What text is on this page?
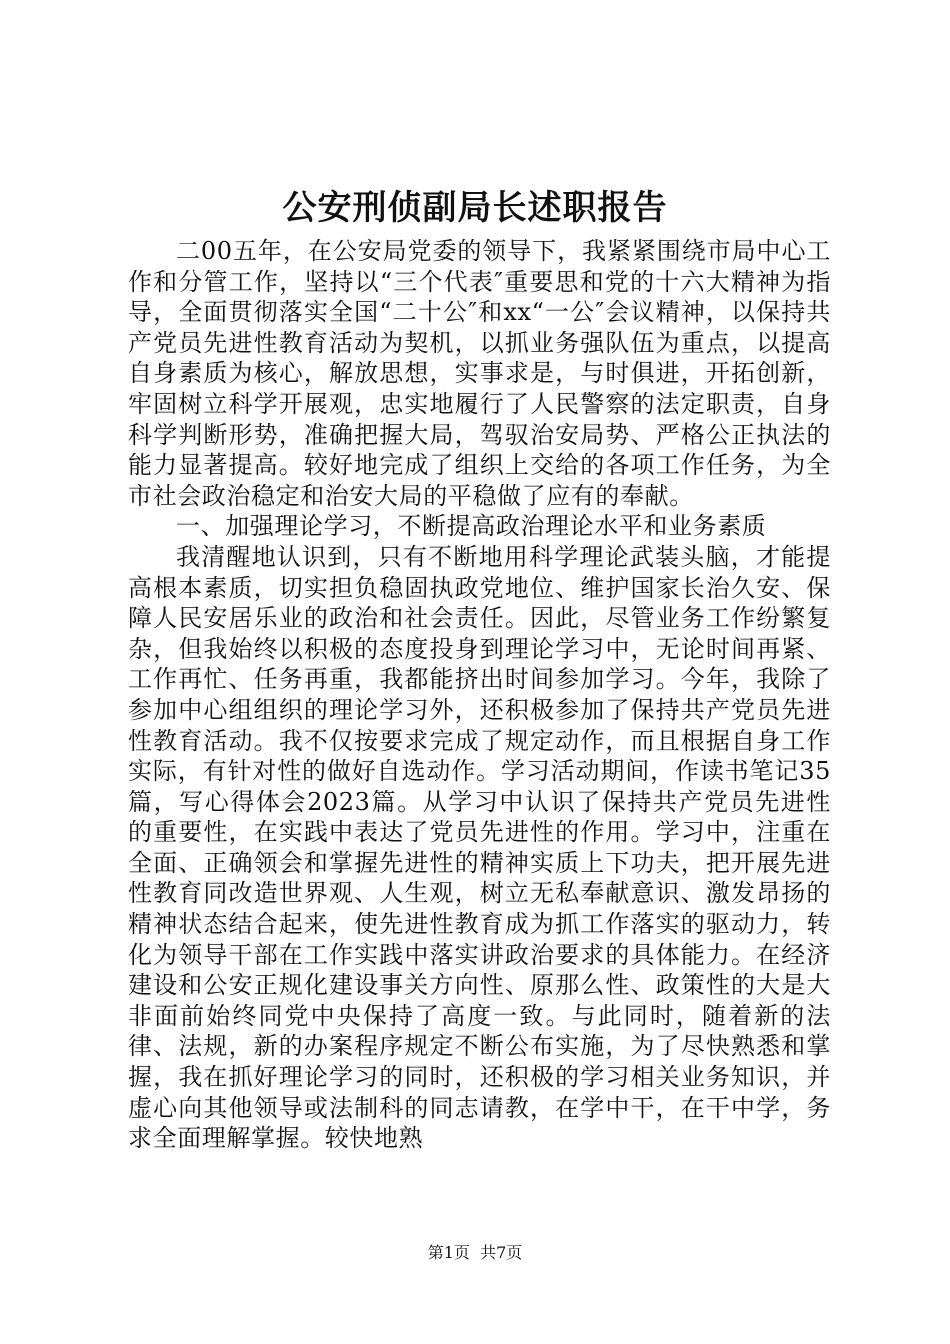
公安刑侦副局长述职报告

二00五年，在公安局党委的领导下，我紧紧围绕市局中心工作和分管工作，坚持以“三个代表″重要思和党的十六大精神为指导，全面贯彻落实全国“二十公″和xx“一公″会议精神，以保持共产党员先进性教育活动为契机，以抓业务强队伍为重点，以提高自身素质为核心，解放思想，实事求是，与时俱进，开拓创新，牢固树立科学开展观，忠实地履行了人民警察的法定职责，自身科学判断形势，准确把握大局，驾驭治安局势、严格公正执法的能力显著提高。较好地完成了组织上交给的各项工作任务，为全市社会政治稳定和治安大局的平稳做了应有的奉献。

一、加强理论学习，不断提高政治理论水平和业务素质

我清醒地认识到，只有不断地用科学理论武装头脑，才能提高根本素质，切实担负稳固执政党地位、维护国家长治久安、保障人民安居乐业的政治和社会责任。因此，尽管业务工作纷繁复杂，但我始终以积极的态度投身到理论学习中，无论时间再紧、工作再忙、任务再重，我都能挤出时间参加学习。今年，我除了参加中心组组织的理论学习外，还积极参加了保持共产党员先进性教育活动。我不仅按要求完成了规定动作，而且根据自身工作实际，有针对性的做好自选动作。学习活动期间，作读书笔记35篇，写心得体会2023篇。从学习中认识了保持共产党员先进性的重要性，在实践中表达了党员先进性的作用。学习中，注重在全面、正确领会和掌握先进性的精神实质上下功夫，把开展先进性教育同改造世界观、人生观，树立无私奉献意识、激发昂扬的精神状态结合起来，使先进性教育成为抓工作落实的驱动力，转化为领导干部在工作实践中落实讲政治要求的具体能力。在经济建设和公安正规化建设事关方向性、原那么性、政策性的大是大非面前始终同党中央保持了高度一致。与此同时，随着新的法律、法规，新的办案程序规定不断公布实施，为了尽快熟悉和掌握，我在抓好理论学习的同时，还积极的学习相关业务知识，并虚心向其他领导或法制科的同志请教，在学中干，在干中学，务求全面理解掌握。较快地熟

第1页  共7页
